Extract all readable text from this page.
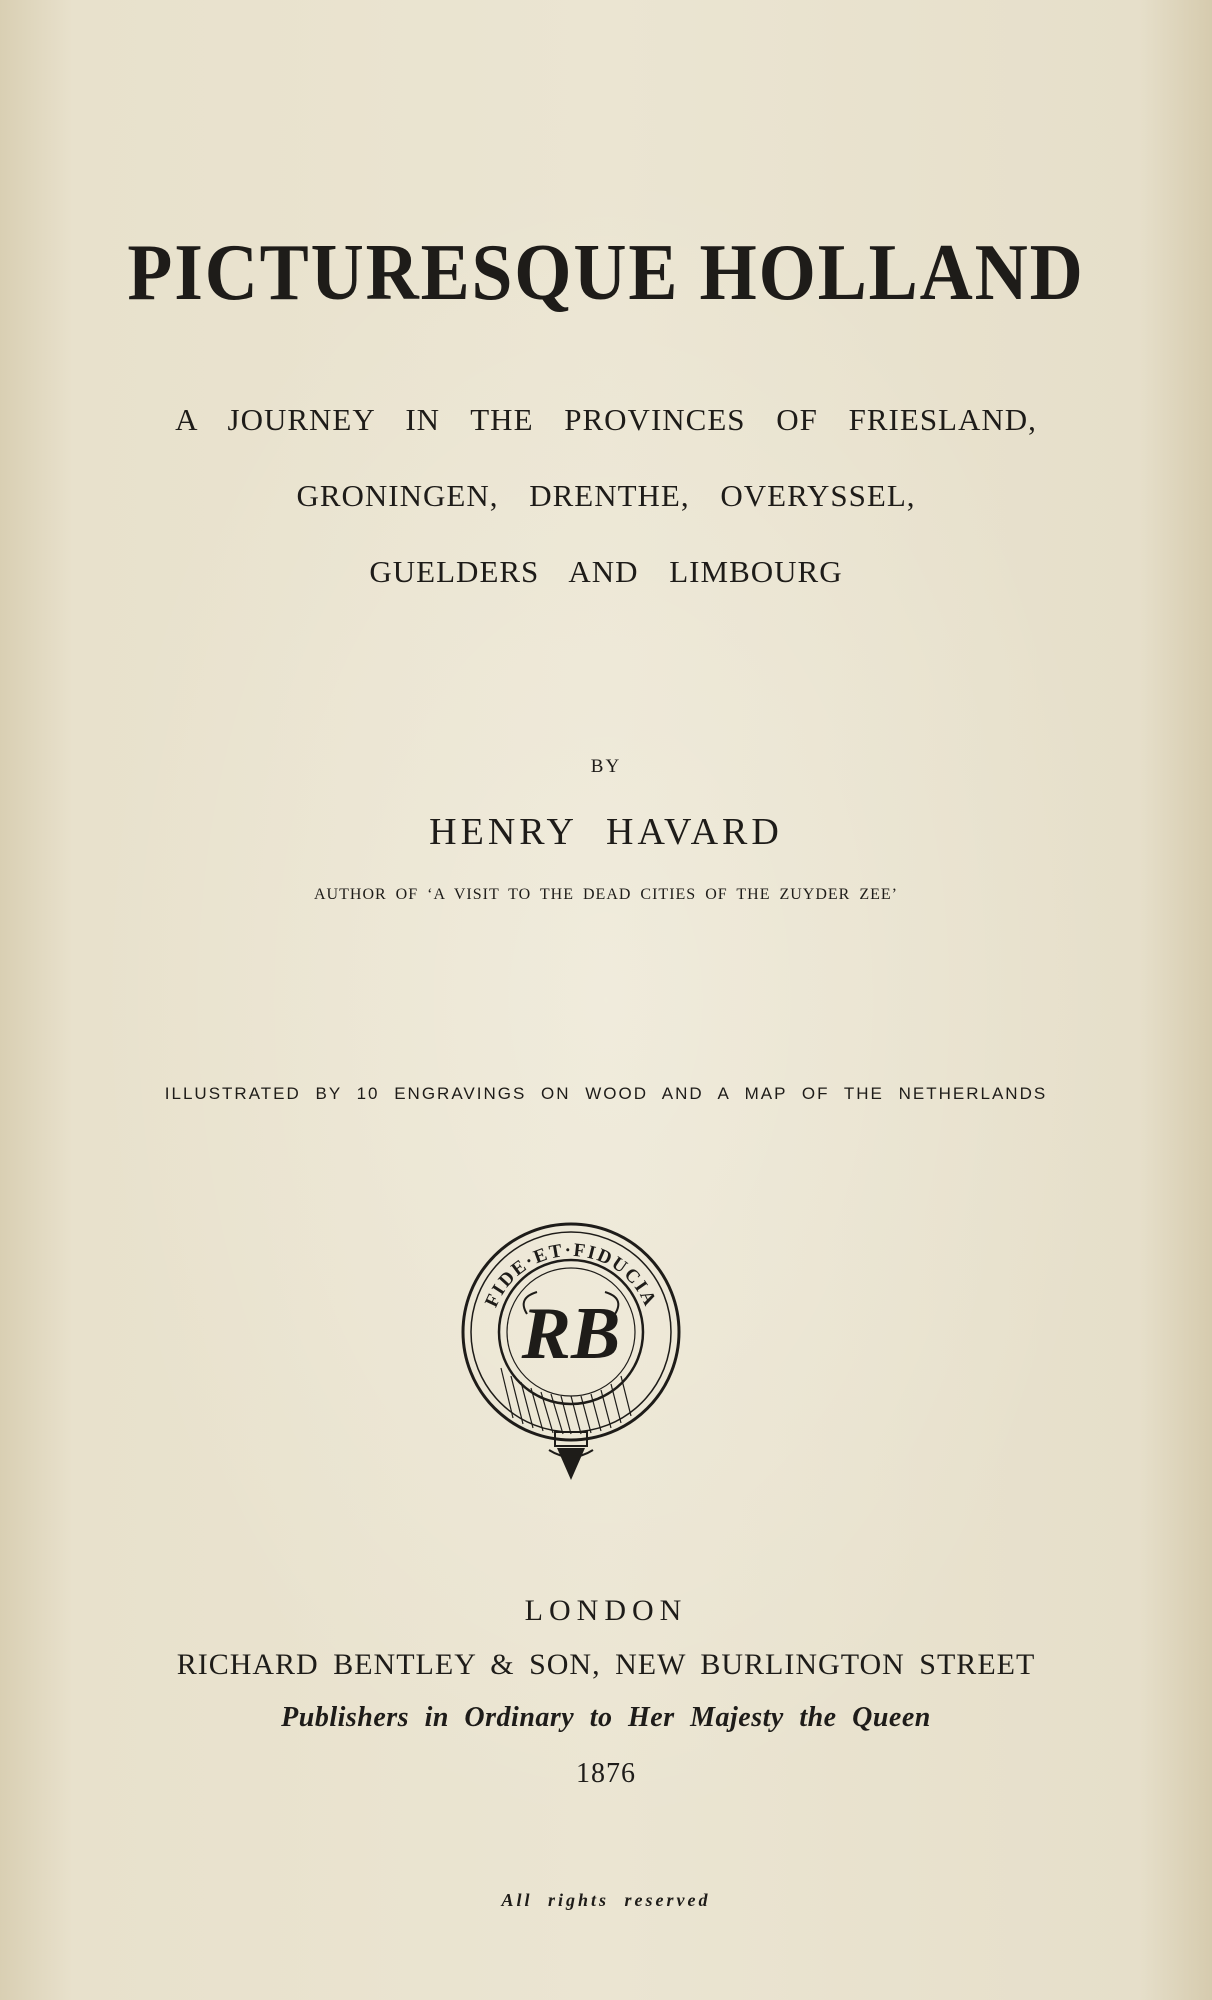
PICTURESQUE HOLLAND
A JOURNEY IN THE PROVINCES OF FRIESLAND,
GRONINGEN, DRENTHE, OVERYSSEL,
GUELDERS AND LIMBOURG
BY
HENRY HAVARD
AUTHOR OF ‘A VISIT TO THE DEAD CITIES OF THE ZUYDER ZEE’
ILLUSTRATED BY 10 ENGRAVINGS ON WOOD AND A MAP OF THE NETHERLANDS
FIDE·ET·FIDUCIA
RB
LONDON
RICHARD BENTLEY & SON, NEW BURLINGTON STREET
Publishers in Ordinary to Her Majesty the Queen
1876
All rights reserved
